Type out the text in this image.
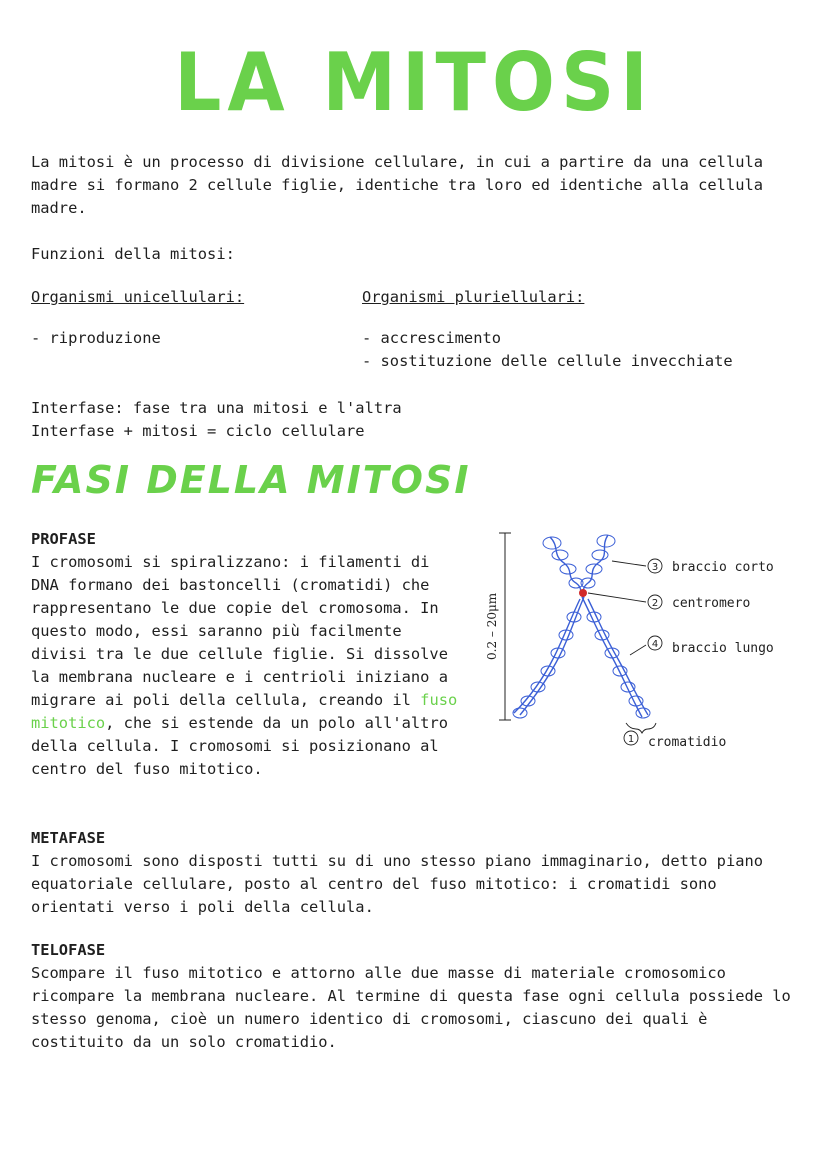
LA MITOSI
La mitosi è un processo di divisione cellulare, in cui a partire da una cellula madre si formano 2 cellule figlie, identiche tra loro ed identiche alla cellula madre.
Funzioni della mitosi:
Organismi unicellulari:
- riproduzione
Organismi pluriellulari:
- accrescimento
- sostituzione delle cellule invecchiate
Interfase: fase tra una mitosi e l'altra
Interfase + mitosi = ciclo cellulare
FASI DELLA MITOSI
PROFASE
I cromosomi si spiralizzano: i filamenti di DNA formano dei bastoncelli (cromatidi) che rappresentano le due copie del cromosoma. In questo modo, essi saranno più facilmente divisi tra le due cellule figlie. Si dissolve la membrana nucleare e i centrioli iniziano a migrare ai poli della cellula, creando il fuso mitotico, che si estende da un polo all'altro della cellula. I cromosomi si posizionano al centro del fuso mitotico.
0.2 – 20μm
3 braccio corto
2 centromero
4 braccio lungo
1 cromatidio
METAFASE
I cromosomi sono disposti tutti su di uno stesso piano immaginario, detto piano equatoriale cellulare, posto al centro del fuso mitotico: i cromatidi sono orientati verso i poli della cellula.
TELOFASE
Scompare il fuso mitotico e attorno alle due masse di materiale cromosomico ricompare la membrana nucleare. Al termine di questa fase ogni cellula possiede lo stesso genoma, cioè un numero identico di cromosomi, ciascuno dei quali è costituito da un solo cromatidio.
